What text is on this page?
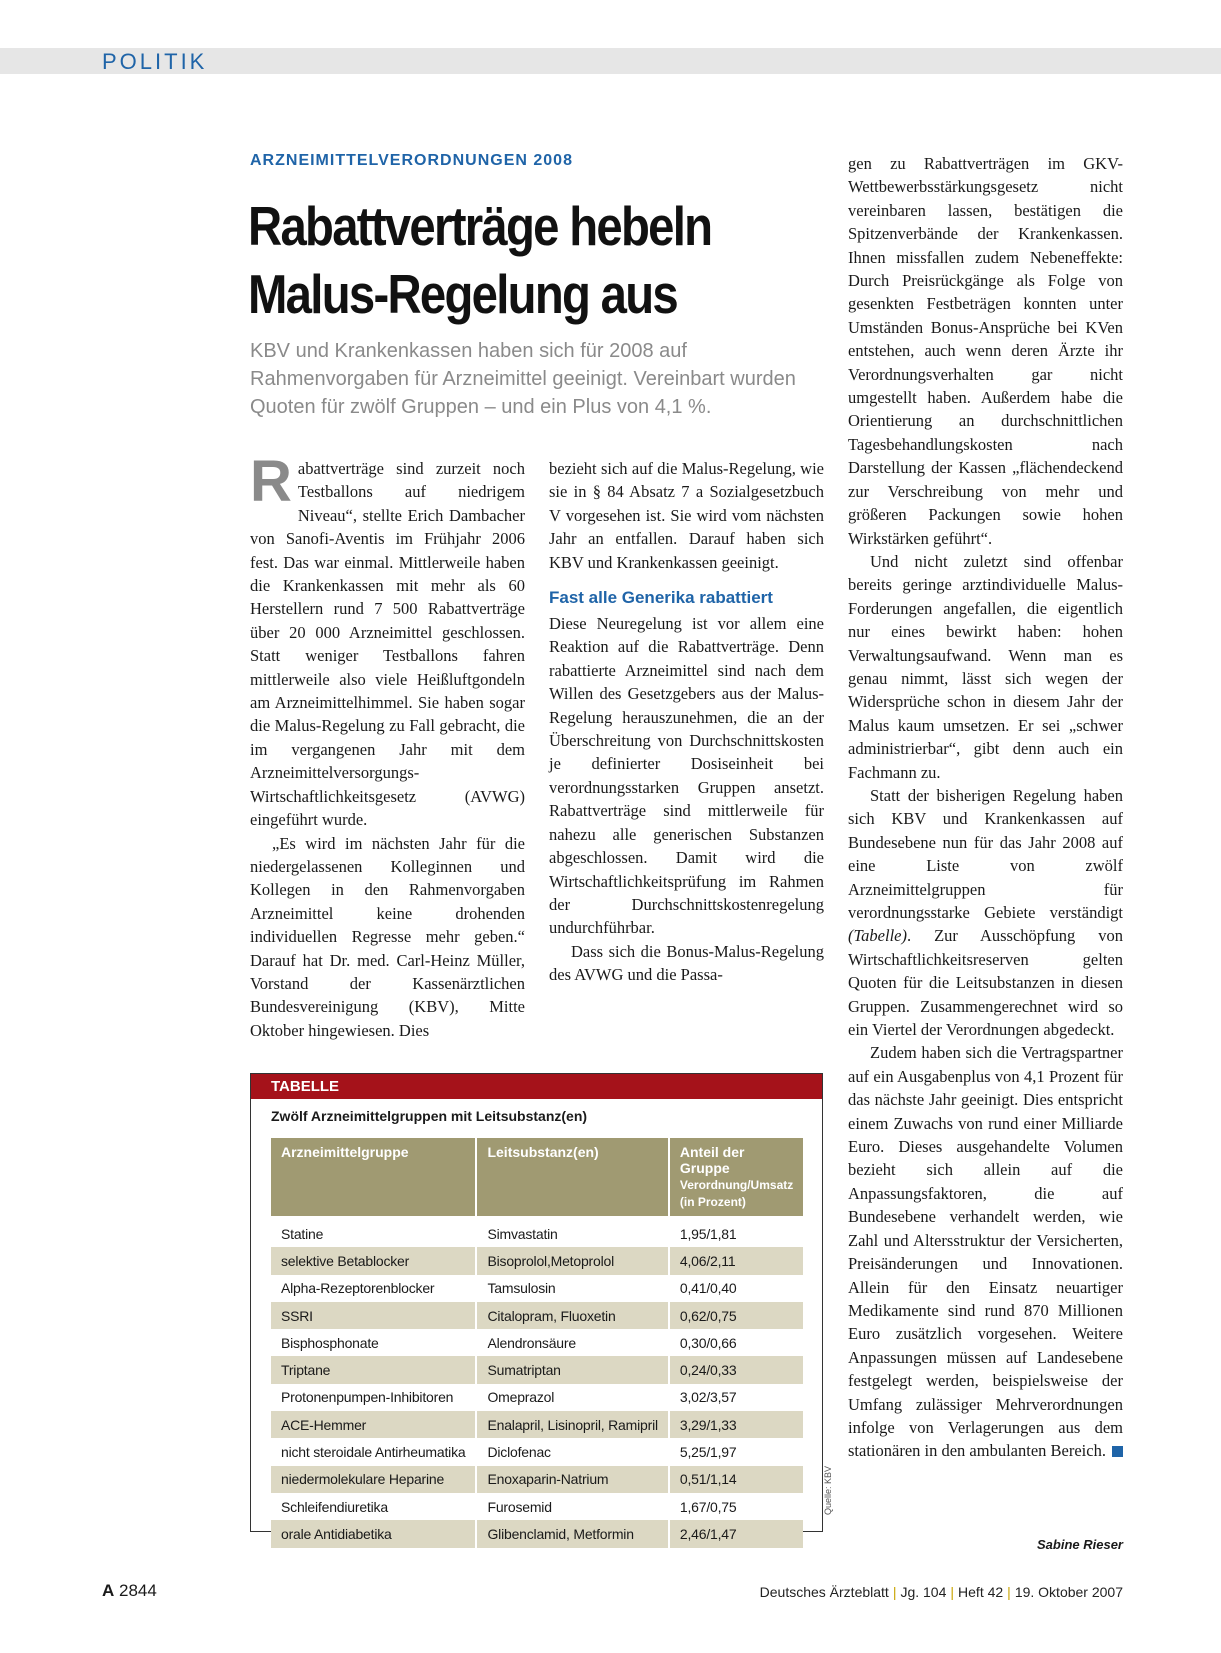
POLITIK
ARZNEIMITTELVERORDNUNGEN 2008
Rabattverträge hebeln
Malus-Regelung aus
KBV und Krankenkassen haben sich für 2008 auf Rahmenvorgaben für Arzneimittel geeinigt. Vereinbart wurden Quoten für zwölf Gruppen – und ein Plus von 4,1 %.

Rabattverträge sind zurzeit noch Testballons auf niedrigem Niveau“, stellte Erich Dambacher von Sanofi-Aventis im Frühjahr 2006 fest. Das war einmal. Mittlerweile haben die Krankenkassen mit mehr als 60 Herstellern rund 7 500 Rabattverträge über 20 000 Arzneimittel geschlossen. Statt weniger Testballons fahren mittlerweile also viele Heißluftgondeln am Arzneimittelhimmel. Sie haben sogar die Malus-Regelung zu Fall gebracht, die im vergangenen Jahr mit dem Arzneimittelversorgungs-Wirtschaftlichkeitsgesetz (AVWG) eingeführt wurde.

„Es wird im nächsten Jahr für die niedergelassenen Kolleginnen und Kollegen in den Rahmenvorgaben Arzneimittel keine drohenden individuellen Regresse mehr geben.“ Darauf hat Dr. med. Carl-Heinz Müller, Vorstand der Kassenärztlichen Bundesvereinigung (KBV), Mitte Oktober hingewiesen. Dies

bezieht sich auf die Malus-Regelung, wie sie in § 84 Absatz 7 a Sozialgesetzbuch V vorgesehen ist. Sie wird vom nächsten Jahr an entfallen. Darauf haben sich KBV und Krankenkassen geeinigt.

Fast alle Generika rabattiert

Diese Neuregelung ist vor allem eine Reaktion auf die Rabattverträge. Denn rabattierte Arzneimittel sind nach dem Willen des Gesetzgebers aus der Malus-Regelung herauszunehmen, die an der Überschreitung von Durchschnittskosten je definierter Dosiseinheit bei verordnungsstarken Gruppen ansetzt. Rabattverträge sind mittlerweile für nahezu alle generischen Substanzen abgeschlossen. Damit wird die Wirtschaftlichkeitsprüfung im Rahmen der Durchschnittskostenregelung undurchführbar.

Dass sich die Bonus-Malus-Regelung des AVWG und die Passa-

gen zu Rabattverträgen im GKV-Wettbewerbsstärkungsgesetz nicht vereinbaren lassen, bestätigen die Spitzenverbände der Krankenkassen. Ihnen missfallen zudem Nebeneffekte: Durch Preisrückgänge als Folge von gesenkten Festbeträgen konnten unter Umständen Bonus-Ansprüche bei KVen entstehen, auch wenn deren Ärzte ihr Verordnungsverhalten gar nicht umgestellt haben. Außerdem habe die Orientierung an durchschnittlichen Tagesbehandlungskosten nach Darstellung der Kassen „flächendeckend zur Verschreibung von mehr und größeren Packungen sowie hohen Wirkstärken geführt“.

Und nicht zuletzt sind offenbar bereits geringe arztindividuelle Malus-Forderungen angefallen, die eigentlich nur eines bewirkt haben: hohen Verwaltungsaufwand. Wenn man es genau nimmt, lässt sich wegen der Widersprüche schon in diesem Jahr der Malus kaum umsetzen. Er sei „schwer administrierbar“, gibt denn auch ein Fachmann zu.

Statt der bisherigen Regelung haben sich KBV und Krankenkassen auf Bundesebene nun für das Jahr 2008 auf eine Liste von zwölf Arzneimittelgruppen für verordnungsstarke Gebiete verständigt (Tabelle). Zur Ausschöpfung von Wirtschaftlichkeitsreserven gelten Quoten für die Leitsubstanzen in diesen Gruppen. Zusammengerechnet wird so ein Viertel der Verordnungen abgedeckt.

Zudem haben sich die Vertragspartner auf ein Ausgabenplus von 4,1 Prozent für das nächste Jahr geeinigt. Dies entspricht einem Zuwachs von rund einer Milliarde Euro. Dieses ausgehandelte Volumen bezieht sich allein auf die Anpassungsfaktoren, die auf Bundesebene verhandelt werden, wie Zahl und Altersstruktur der Versicherten, Preisänderungen und Innovationen. Allein für den Einsatz neuartiger Medikamente sind rund 870 Millionen Euro zusätzlich vorgesehen. Weitere Anpassungen müssen auf Landesebene festgelegt werden, beispielsweise der Umfang zulässiger Mehrverordnungen infolge von Verlagerungen aus dem stationären in den ambulanten Bereich.

Sabine Rieser
TABELLE
Zwölf Arzneimittelgruppen mit Leitsubstanz(en)
Arzneimittelgruppe	Leitsubstanz(en)	Anteil der Gruppe
Verordnung/Umsatz
(in Prozent)

Statine	Simvastatin	1,95/1,81
selektive Betablocker	Bisoprolol,Metoprolol	4,06/2,11
Alpha-Rezeptorenblocker	Tamsulosin	0,41/0,40
SSRI	Citalopram, Fluoxetin	0,62/0,75
Bisphosphonate	Alendronsäure	0,30/0,66
Triptane	Sumatriptan	0,24/0,33
Protonenpumpen-Inhibitoren	Omeprazol	3,02/3,57
ACE-Hemmer	Enalapril, Lisinopril, Ramipril	3,29/1,33
nicht steroidale Antirheumatika	Diclofenac	5,25/1,97
niedermolekulare Heparine	Enoxaparin-Natrium	0,51/1,14
Schleifendiuretika	Furosemid	1,67/0,75
orale Antidiabetika	Glibenclamid, Metformin	2,46/1,47
Quelle: KBV
A 2844	Deutsches Ärzteblatt | Jg. 104 | Heft 42 | 19. Oktober 2007
